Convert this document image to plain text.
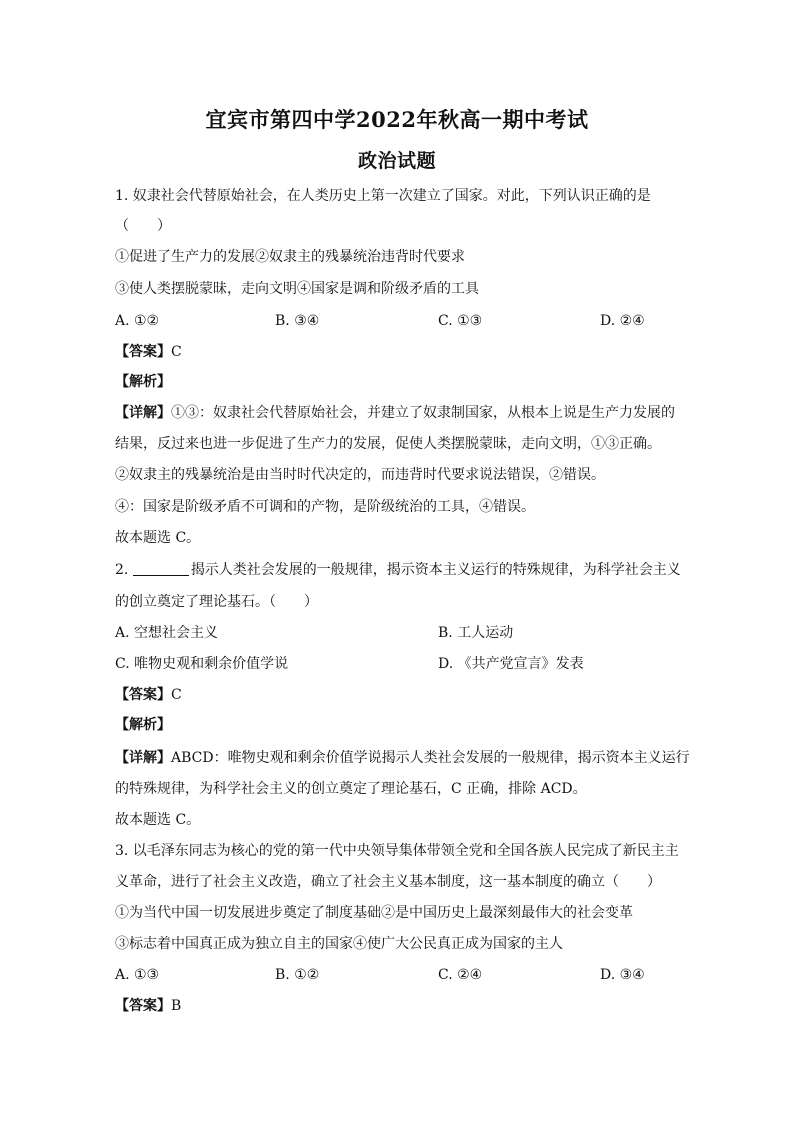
宜宾市第四中学2022年秋高一期中考试
政治试题
1. 奴隶社会代替原始社会，在人类历史上第一次建立了国家。对此，下列认识正确的是
（　　）
①促进了生产力的发展②奴隶主的残暴统治违背时代要求
③使人类摆脱蒙昧，走向文明④国家是调和阶级矛盾的工具
A. ①②	B. ③④	C. ①③	D. ②④
【答案】C
【解析】
【详解】①③：奴隶社会代替原始社会，并建立了奴隶制国家，从根本上说是生产力发展的
结果，反过来也进一步促进了生产力的发展，促使人类摆脱蒙昧，走向文明，①③正确。
②奴隶主的残暴统治是由当时时代决定的，而违背时代要求说法错误，②错误。
④：国家是阶级矛盾不可调和的产物，是阶级统治的工具，④错误。
故本题选 C。
2.	揭示人类社会发展的一般规律，揭示资本主义运行的特殊规律，为科学社会主义
的创立奠定了理论基石。（　　）
A. 空想社会主义	B. 工人运动
C. 唯物史观和剩余价值学说	D. 《共产党宣言》发表
【答案】C
【解析】
【详解】ABCD：唯物史观和剩余价值学说揭示人类社会发展的一般规律，揭示资本主义运行
的特殊规律，为科学社会主义的创立奠定了理论基石，C 正确，排除 ACD。
故本题选 C。
3. 以毛泽东同志为核心的党的第一代中央领导集体带领全党和全国各族人民完成了新民主主
义革命，进行了社会主义改造，确立了社会主义基本制度，这一基本制度的确立（　　）
①为当代中国一切发展进步奠定了制度基础②是中国历史上最深刻最伟大的社会变革
③标志着中国真正成为独立自主的国家④使广大公民真正成为国家的主人
A. ①③	B. ①②	C. ②④	D. ③④
【答案】B
